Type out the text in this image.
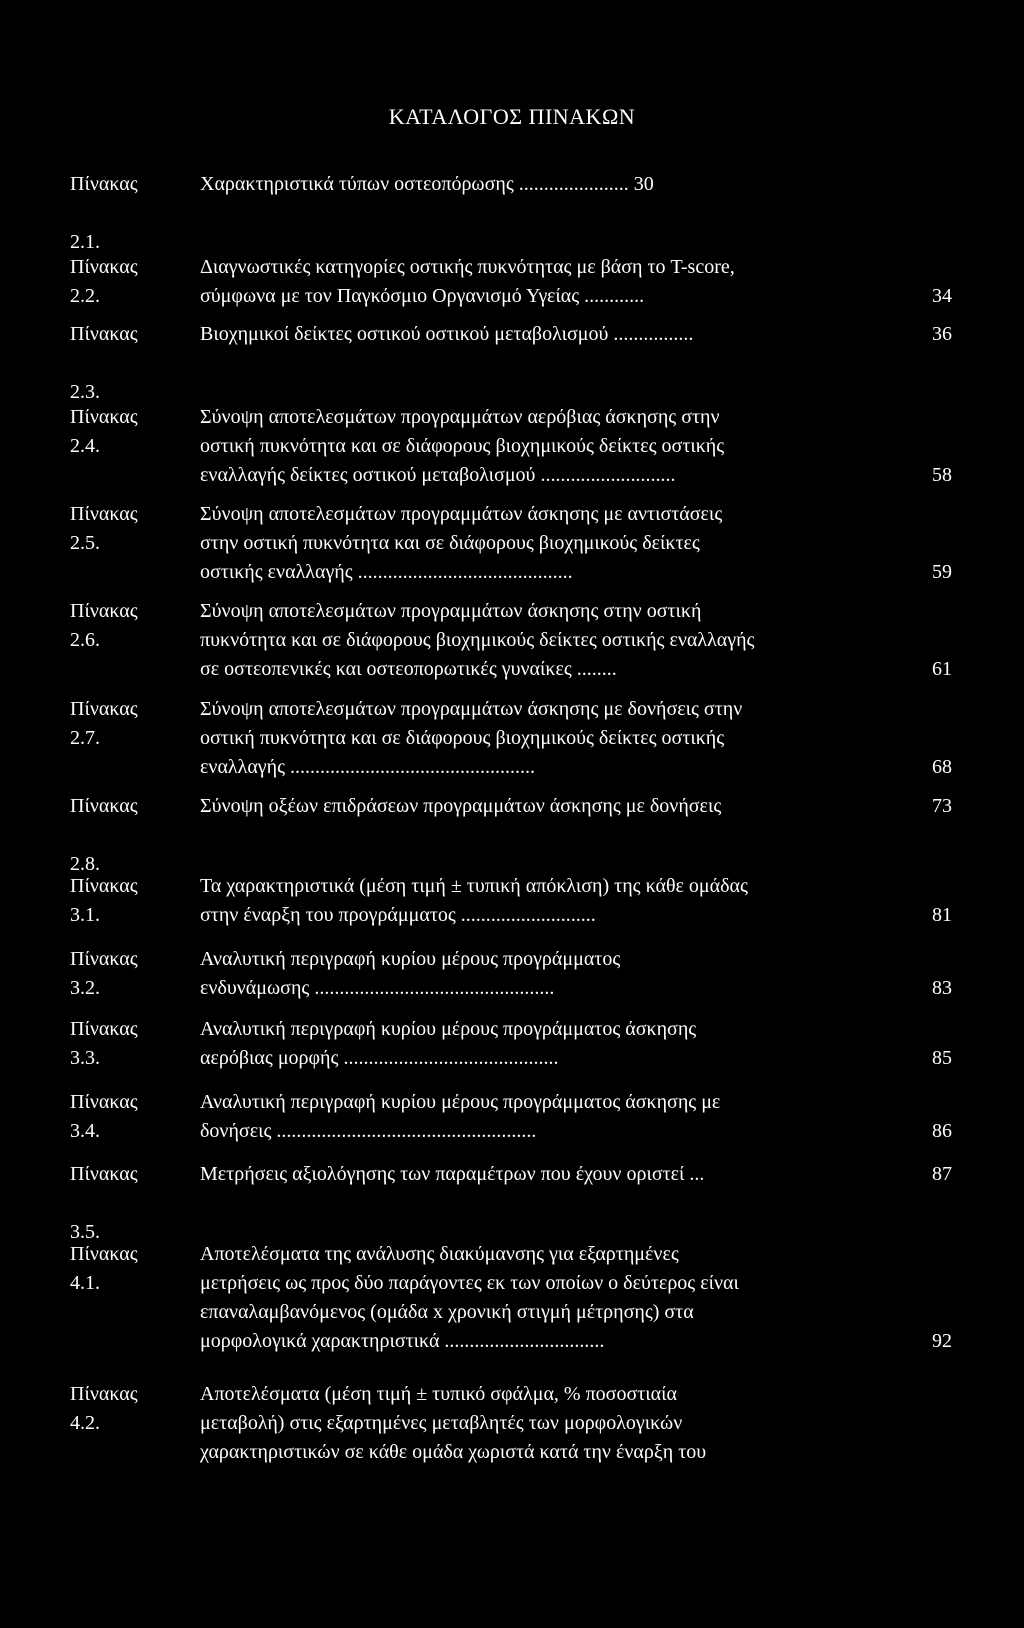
ΚΑΤΑΛΟΓΟΣ ΠΙΝΑΚΩΝ
Πίνακας
2.1.
Χαρακτηριστικά τύπων οστεοπόρωσης ...................... 30
Πίνακας
2.2.
Διαγνωστικές κατηγορίες οστικής πυκνότητας με βάση το T-score,
σύμφωνα με τον Παγκόσμιο Οργανισμό Υγείας ............	34
Πίνακας
2.3.
Βιοχημικοί δείκτες οστικού οστικού μεταβολισμού ................	36
Πίνακας
2.4.
Σύνοψη αποτελεσμάτων προγραμμάτων αερόβιας άσκησης στην
οστική πυκνότητα και σε διάφορους βιοχημικούς δείκτες οστικής
εναλλαγής δείκτες οστικού μεταβολισμού ...........................	58
Πίνακας
2.5.
Σύνοψη αποτελεσμάτων προγραμμάτων άσκησης με αντιστάσεις
στην οστική πυκνότητα και σε διάφορους βιοχημικούς δείκτες
οστικής εναλλαγής ...........................................	59
Πίνακας
2.6.
Σύνοψη αποτελεσμάτων προγραμμάτων άσκησης στην οστική
πυκνότητα και σε διάφορους βιοχημικούς δείκτες οστικής εναλλαγής
σε οστεοπενικές και οστεοπορωτικές γυναίκες ........	61
Πίνακας
2.7.
Σύνοψη αποτελεσμάτων προγραμμάτων άσκησης με δονήσεις στην
οστική πυκνότητα και σε διάφορους βιοχημικούς δείκτες οστικής
εναλλαγής .................................................	68
Πίνακας
2.8.
Σύνοψη οξέων επιδράσεων προγραμμάτων άσκησης με δονήσεις	73
Πίνακας
3.1.
Τα χαρακτηριστικά (μέση τιμή ± τυπική απόκλιση) της κάθε ομάδας
στην έναρξη του προγράμματος ...........................	81
Πίνακας
3.2.
Αναλυτική περιγραφή κυρίου μέρους προγράμματος
ενδυνάμωσης ................................................	83
Πίνακας
3.3.
Αναλυτική περιγραφή κυρίου μέρους προγράμματος άσκησης
αερόβιας μορφής ...........................................	85
Πίνακας
3.4.
Αναλυτική περιγραφή κυρίου μέρους προγράμματος άσκησης με
δονήσεις ....................................................	86
Πίνακας
3.5.
Μετρήσεις αξιολόγησης των παραμέτρων που έχουν οριστεί ...	87
Πίνακας
4.1.
Αποτελέσματα της ανάλυσης διακύμανσης για εξαρτημένες
μετρήσεις ως προς δύο παράγοντες εκ των οποίων ο δεύτερος είναι
επαναλαμβανόμενος (ομάδα x χρονική στιγμή μέτρησης) στα
μορφολογικά χαρακτηριστικά ................................	92
Πίνακας
4.2.
Αποτελέσματα (μέση τιμή ± τυπικό σφάλμα, % ποσοστιαία
μεταβολή) στις εξαρτημένες μεταβλητές των μορφολογικών
χαρακτηριστικών σε κάθε ομάδα χωριστά κατά την έναρξη του
